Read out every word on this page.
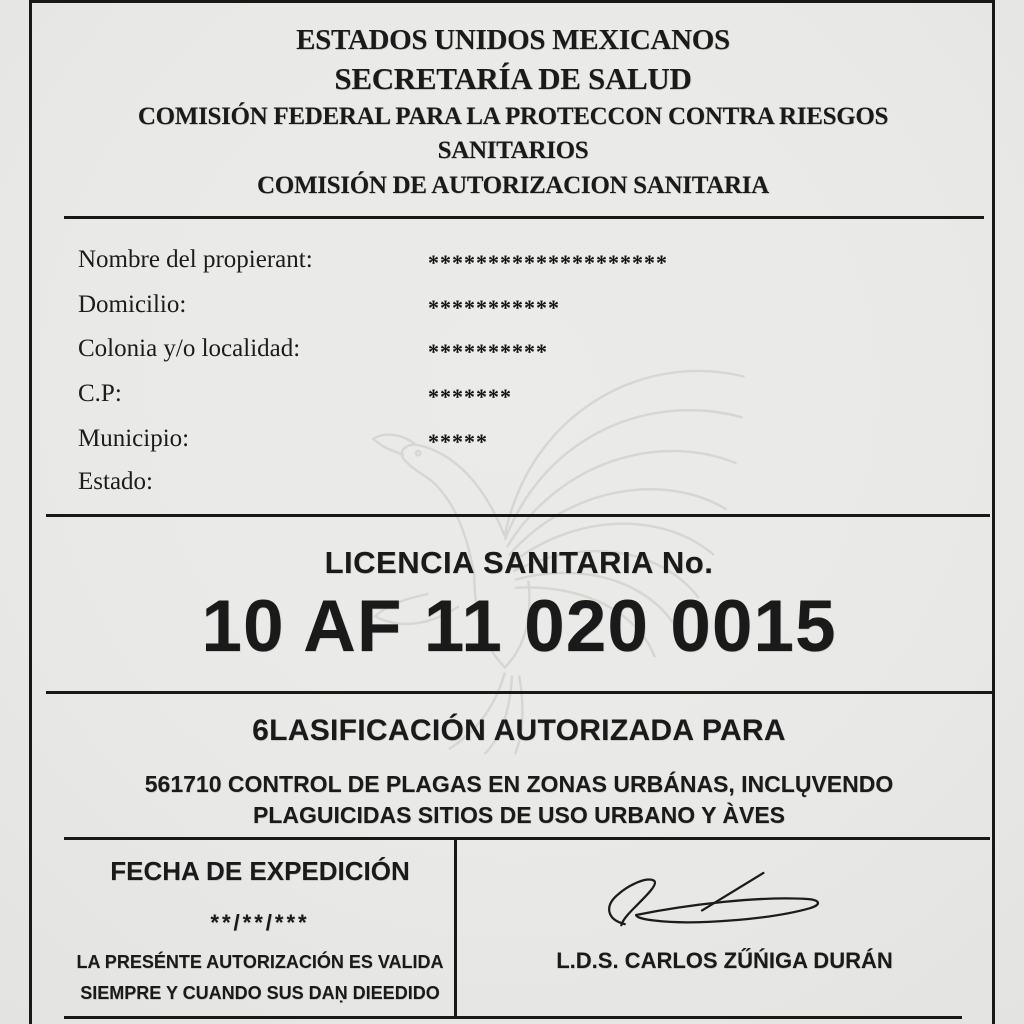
ESTADOS UNIDOS MEXICANOS
SECRETARÍA DE SALUD
COMISIÓN FEDERAL PARA LA PROTECCON CONTRA RIESGOS
SANITARIOS
COMISIÓN DE AUTORIZACION SANITARIA
Nombre del propierant:	********************
Domicilio:	***********
Colonia y/o localidad:	**********
C.P:	*******
Municipio:	*****
Estado:
LICENCIA SANITARIA No.
10 AF 11 020 0015
6LASIFICACIÓN AUTORIZADA PARA
561710 CONTROL DE PLAGAS EN ZONAS URBÁNAS, INCLŲVENDO
PLAGUICIDAS SITIOS DE USO URBANO Y ÀVES
FECHA DE EXPEDICIÓN
**/**/***
LA PRESÉNTE AUTORIZACIÓN ES VALIDA
SIEMPRE Y CUANDO SUS DAṆ DIEEDIDO
L.D.S. CARLOS ZŰŃIGA DURÁN
